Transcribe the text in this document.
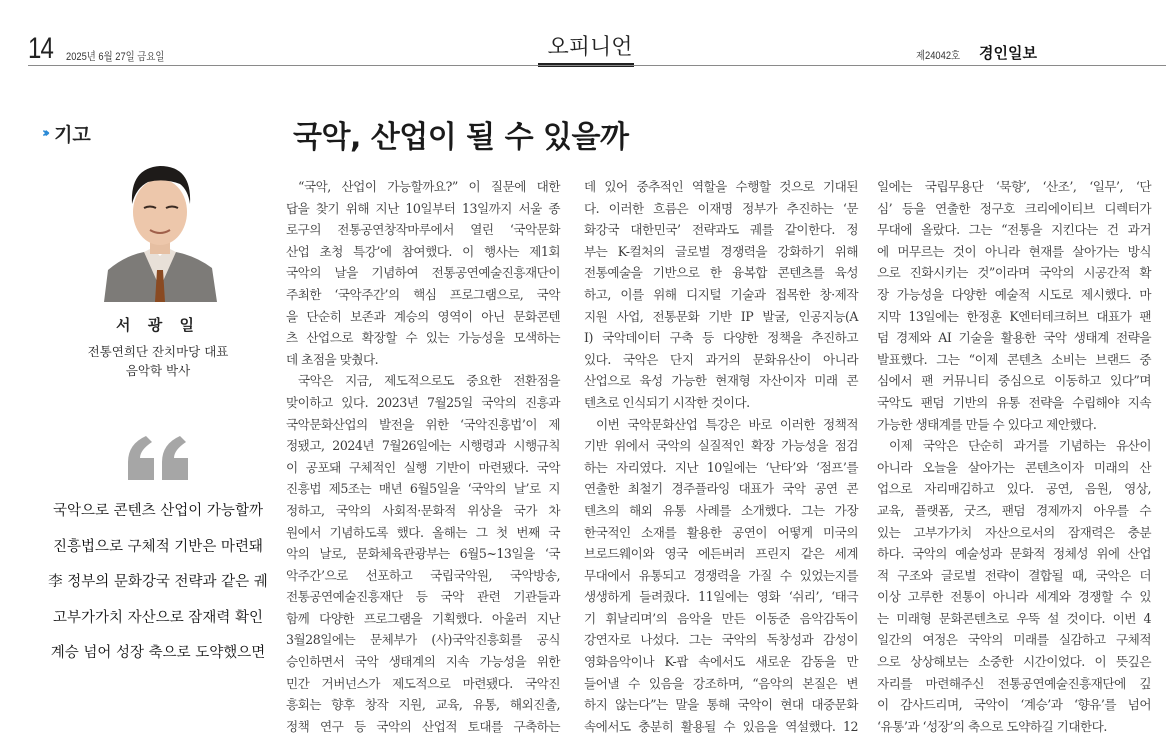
14 2025년 6월 27일 금요일	오피니언	제24042호 경인일보
››› 기고
서 광 일
전통연희단 잔치마당 대표
음악학 박사
국악으로 콘텐츠 산업이 가능할까
진흥법으로 구체적 기반은 마련돼
李 정부의 문화강국 전략과 같은 궤
고부가가치 자산으로 잠재력 확인
계승 넘어 성장 축으로 도약했으면
국악, 산업이 될 수 있을까
“국악, 산업이 가능할까요?” 이 질문에 대한
답을 찾기 위해 지난 10일부터 13일까지 서울 종
로구의 전통공연창작마루에서 열린 ‘국악문화
산업 초청 특강’에 참여했다. 이 행사는 제1회
국악의 날을 기념하여 전통공연예술진흥재단이
주최한 ‘국악주간’의 핵심 프로그램으로, 국악
을 단순히 보존과 계승의 영역이 아닌 문화콘텐
츠 산업으로 확장할 수 있는 가능성을 모색하는
데 초점을 맞췄다.
국악은 지금, 제도적으로도 중요한 전환점을
맞이하고 있다. 2023년 7월25일 국악의 진흥과
국악문화산업의 발전을 위한 ‘국악진흥법’이 제
정됐고, 2024년 7월26일에는 시행령과 시행규칙
이 공포돼 구체적인 실행 기반이 마련됐다. 국악
진흥법 제5조는 매년 6월5일을 ‘국악의 날’로 지
정하고, 국악의 사회적·문화적 위상을 국가 차
원에서 기념하도록 했다. 올해는 그 첫 번째 국
악의 날로, 문화체육관광부는 6월5~13일을 ‘국
악주간’으로 선포하고 국립국악원, 국악방송,
전통공연예술진흥재단 등 국악 관련 기관들과
함께 다양한 프로그램을 기획했다. 아울러 지난
3월28일에는 문체부가 (사)국악진흥회를 공식
승인하면서 국악 생태계의 지속 가능성을 위한
민간 거버넌스가 제도적으로 마련됐다. 국악진
흥회는 향후 창작 지원, 교육, 유통, 해외진출,
정책 연구 등 국악의 산업적 토대를 구축하는
데 있어 중추적인 역할을 수행할 것으로 기대된
다. 이러한 흐름은 이재명 정부가 추진하는 ‘문
화강국 대한민국’ 전략과도 궤를 같이한다. 정
부는 K-컬처의 글로벌 경쟁력을 강화하기 위해
전통예술을 기반으로 한 융복합 콘텐츠를 육성
하고, 이를 위해 디지털 기술과 접목한 창·제작
지원 사업, 전통문화 기반 IP 발굴, 인공지능(A
I) 국악데이터 구축 등 다양한 정책을 추진하고
있다. 국악은 단지 과거의 문화유산이 아니라
산업으로 육성 가능한 현재형 자산이자 미래 콘
텐츠로 인식되기 시작한 것이다.
이번 국악문화산업 특강은 바로 이러한 정책적
기반 위에서 국악의 실질적인 확장 가능성을 점검
하는 자리였다. 지난 10일에는 ‘난타’와 ‘점프’를
연출한 최철기 경주플라잉 대표가 국악 공연 콘
텐츠의 해외 유통 사례를 소개했다. 그는 가장
한국적인 소재를 활용한 공연이 어떻게 미국의
브로드웨이와 영국 에든버러 프린지 같은 세계
무대에서 유통되고 경쟁력을 가질 수 있었는지를
생생하게 들려줬다. 11일에는 영화 ‘쉬리’, ‘태극
기 휘날리며’의 음악을 만든 이동준 음악감독이
강연자로 나섰다. 그는 국악의 독창성과 감성이
영화음악이나 K-팝 속에서도 새로운 감동을 만
들어낼 수 있음을 강조하며, “음악의 본질은 변
하지 않는다”는 말을 통해 국악이 현대 대중문화
속에서도 충분히 활용될 수 있음을 역설했다. 12
일에는 국립무용단 ‘묵향’, ‘산조’, ‘일무’, ‘단
심’ 등을 연출한 정구호 크리에이티브 디렉터가
무대에 올랐다. 그는 “전통을 지킨다는 건 과거
에 머무르는 것이 아니라 현재를 살아가는 방식
으로 진화시키는 것”이라며 국악의 시공간적 확
장 가능성을 다양한 예술적 시도로 제시했다. 마
지막 13일에는 한정훈 K엔터테크허브 대표가 팬
덤 경제와 AI 기술을 활용한 국악 생태계 전략을
발표했다. 그는 “이제 콘텐츠 소비는 브랜드 중
심에서 팬 커뮤니티 중심으로 이동하고 있다”며
국악도 팬덤 기반의 유통 전략을 수립해야 지속
가능한 생태계를 만들 수 있다고 제안했다.
이제 국악은 단순히 과거를 기념하는 유산이
아니라 오늘을 살아가는 콘텐츠이자 미래의 산
업으로 자리매김하고 있다. 공연, 음원, 영상,
교육, 플랫폼, 굿즈, 팬덤 경제까지 아우를 수
있는 고부가가치 자산으로서의 잠재력은 충분
하다. 국악의 예술성과 문화적 정체성 위에 산업
적 구조와 글로벌 전략이 결합될 때, 국악은 더
이상 고루한 전통이 아니라 세계와 경쟁할 수 있
는 미래형 문화콘텐츠로 우뚝 설 것이다. 이번 4
일간의 여정은 국악의 미래를 실감하고 구체적
으로 상상해보는 소중한 시간이었다. 이 뜻깊은
자리를 마련해주신 전통공연예술진흥재단에 깊
이 감사드리며, 국악이 ‘계승’과 ‘향유’를 넘어
‘유통’과 ‘성장’의 축으로 도약하길 기대한다.
